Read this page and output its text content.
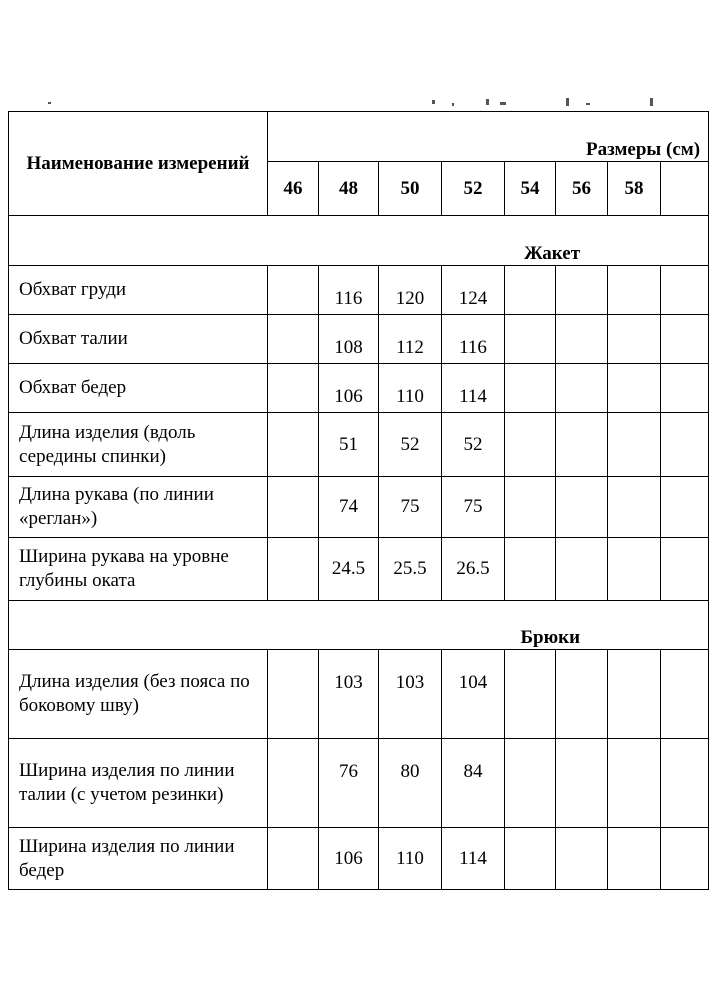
Наименование измерений	Размеры (см)							
	46	48	50	52	54	56	58	
Жакет								
Обхват груди		116	120	124				
Обхват талии		108	112	116				
Обхват бедер		106	110	114				
Длина изделия (вдоль середины спинки)		51	52	52				
Длина рукава (по линии «реглан»)		74	75	75				
Ширина рукава на уровне глубины оката		24.5	25.5	26.5				
Брюки								
Длина изделия (без пояса по боковому шву)		103	103	104				
Ширина изделия по линии талии (с учетом резинки)		76	80	84				
Ширина изделия по линии бедер		106	110	114				
